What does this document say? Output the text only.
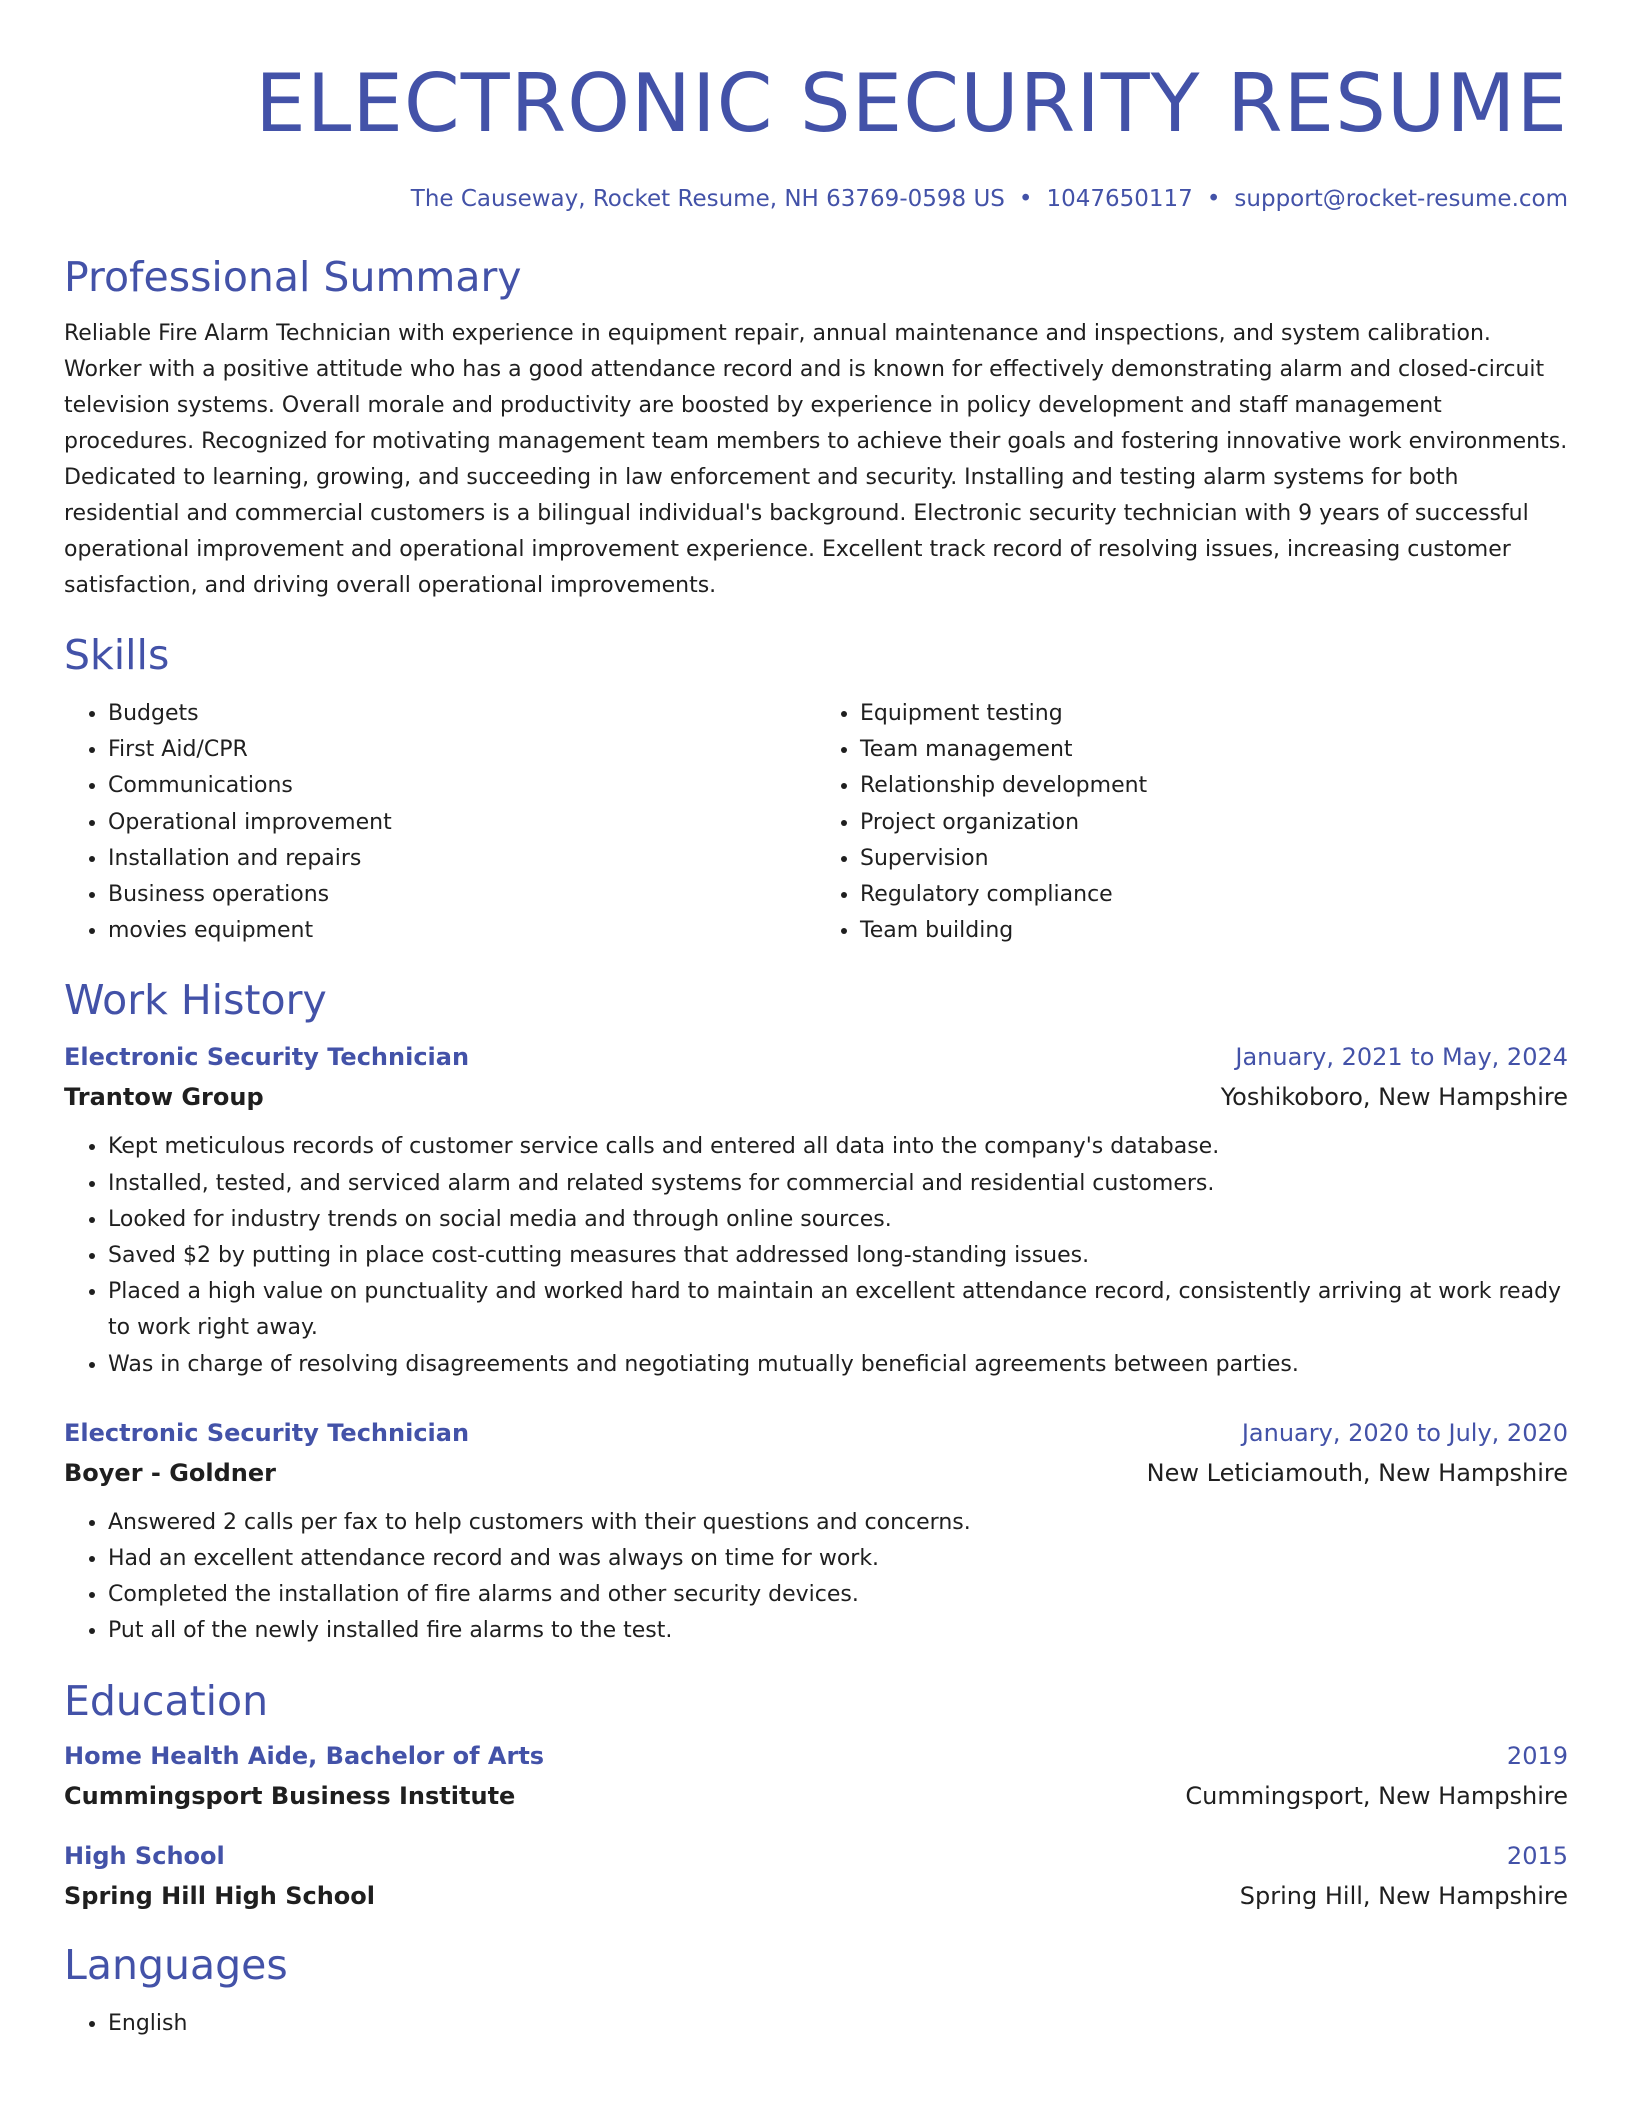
ELECTRONIC SECURITY RESUME
The Causeway, Rocket Resume, NH 63769-0598 US • 1047650117 • support@rocket-resume.com
Professional Summary
Reliable Fire Alarm Technician with experience in equipment repair, annual maintenance and inspections, and system calibration. Worker with a positive attitude who has a good attendance record and is known for effectively demonstrating alarm and closed-circuit television systems. Overall morale and productivity are boosted by experience in policy development and staff management procedures. Recognized for motivating management team members to achieve their goals and fostering innovative work environments. Dedicated to learning, growing, and succeeding in law enforcement and security. Installing and testing alarm systems for both residential and commercial customers is a bilingual individual's background. Electronic security technician with 9 years of successful operational improvement and operational improvement experience. Excellent track record of resolving issues, increasing customer satisfaction, and driving overall operational improvements.
Skills
• Budgets
• First Aid/CPR
• Communications
• Operational improvement
• Installation and repairs
• Business operations
• movies equipment
• Equipment testing
• Team management
• Relationship development
• Project organization
• Supervision
• Regulatory compliance
• Team building
Work History
Electronic Security Technician	January, 2021 to May, 2024
Trantow Group	Yoshikoboro, New Hampshire
• Kept meticulous records of customer service calls and entered all data into the company's database.
• Installed, tested, and serviced alarm and related systems for commercial and residential customers.
• Looked for industry trends on social media and through online sources.
• Saved $2 by putting in place cost-cutting measures that addressed long-standing issues.
• Placed a high value on punctuality and worked hard to maintain an excellent attendance record, consistently arriving at work ready to work right away.
• Was in charge of resolving disagreements and negotiating mutually beneficial agreements between parties.
Electronic Security Technician	January, 2020 to July, 2020
Boyer - Goldner	New Leticiamouth, New Hampshire
• Answered 2 calls per fax to help customers with their questions and concerns.
• Had an excellent attendance record and was always on time for work.
• Completed the installation of fire alarms and other security devices.
• Put all of the newly installed fire alarms to the test.
Education
Home Health Aide, Bachelor of Arts	2019
Cummingsport Business Institute	Cummingsport, New Hampshire
High School	2015
Spring Hill High School	Spring Hill, New Hampshire
Languages
• English
